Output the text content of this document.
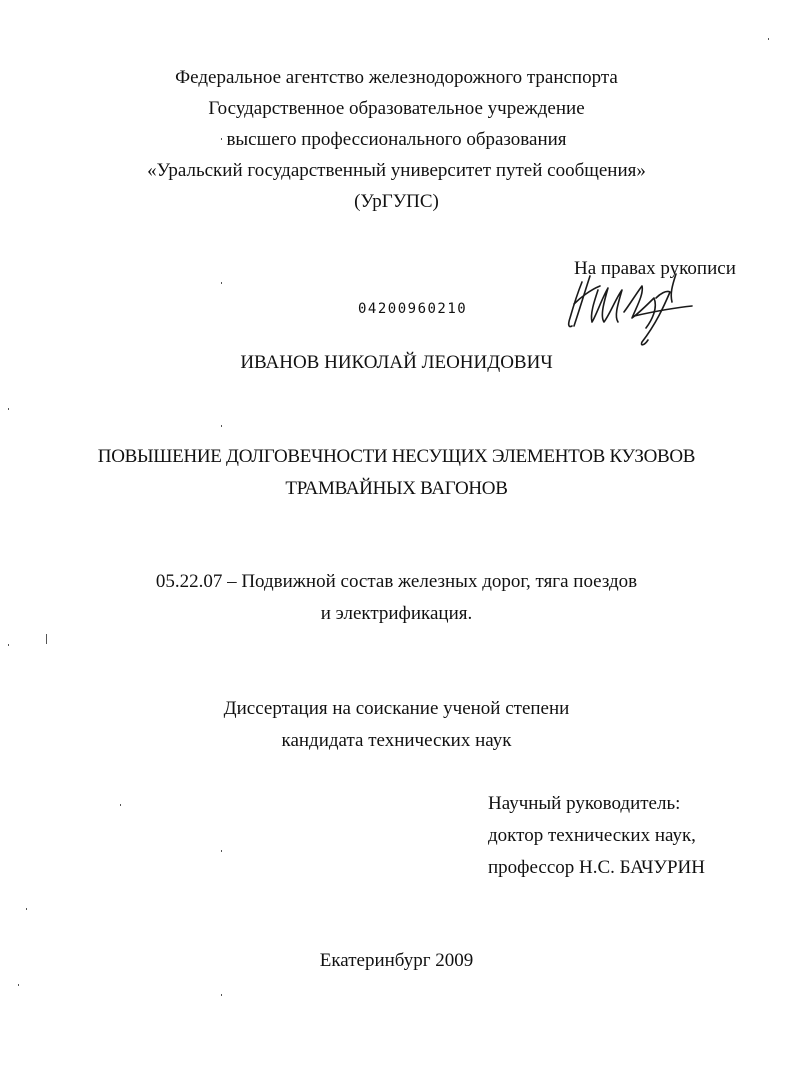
Федеральное агентство железнодорожного транспорта
Государственное образовательное учреждение
высшего профессионального образования
«Уральский государственный университет путей сообщения»
(УрГУПС)
На правах рукописи
04200960210
ИВАНОВ НИКОЛАЙ ЛЕОНИДОВИЧ
ПОВЫШЕНИЕ ДОЛГОВЕЧНОСТИ НЕСУЩИХ ЭЛЕМЕНТОВ КУЗОВОВ
ТРАМВАЙНЫХ ВАГОНОВ
05.22.07 – Подвижной состав железных дорог, тяга поездов
и электрификация.
Диссертация на соискание ученой степени
кандидата технических наук
Научный руководитель:
доктор технических наук,
профессор Н.С. БАЧУРИН
Екатеринбург 2009
